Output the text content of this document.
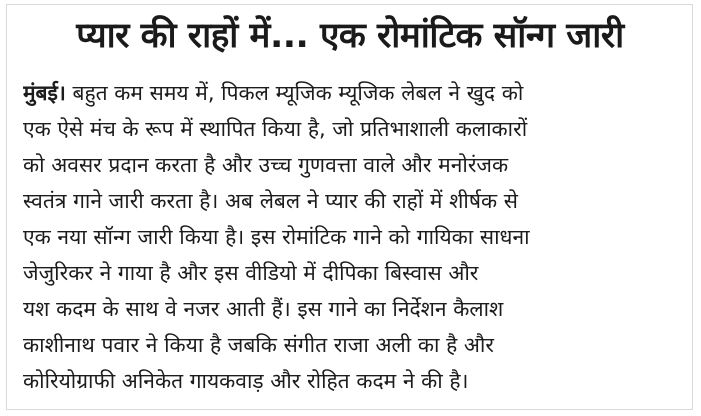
प्यार की राहों में... एक रोमांटिक सॉन्ग जारी
मुंबई। बहुत कम समय में, पिकल म्यूजिक म्यूजिक लेबल ने खुद को
एक ऐसे मंच के रूप में स्थापित किया है, जो प्रतिभाशाली कलाकारों
को अवसर प्रदान करता है और उच्च गुणवत्ता वाले और मनोरंजक
स्वतंत्र गाने जारी करता है। अब लेबल ने प्यार की राहों में शीर्षक से
एक नया सॉन्ग जारी किया है। इस रोमांटिक गाने को गायिका साधना
जेजुरिकर ने गाया है और इस वीडियो में दीपिका बिस्वास और
यश कदम के साथ वे नजर आती हैं। इस गाने का निर्देशन कैलाश
काशीनाथ पवार ने किया है जबकि संगीत राजा अली का है और
कोरियोग्राफी अनिकेत गायकवाड़ और रोहित कदम ने की है।
